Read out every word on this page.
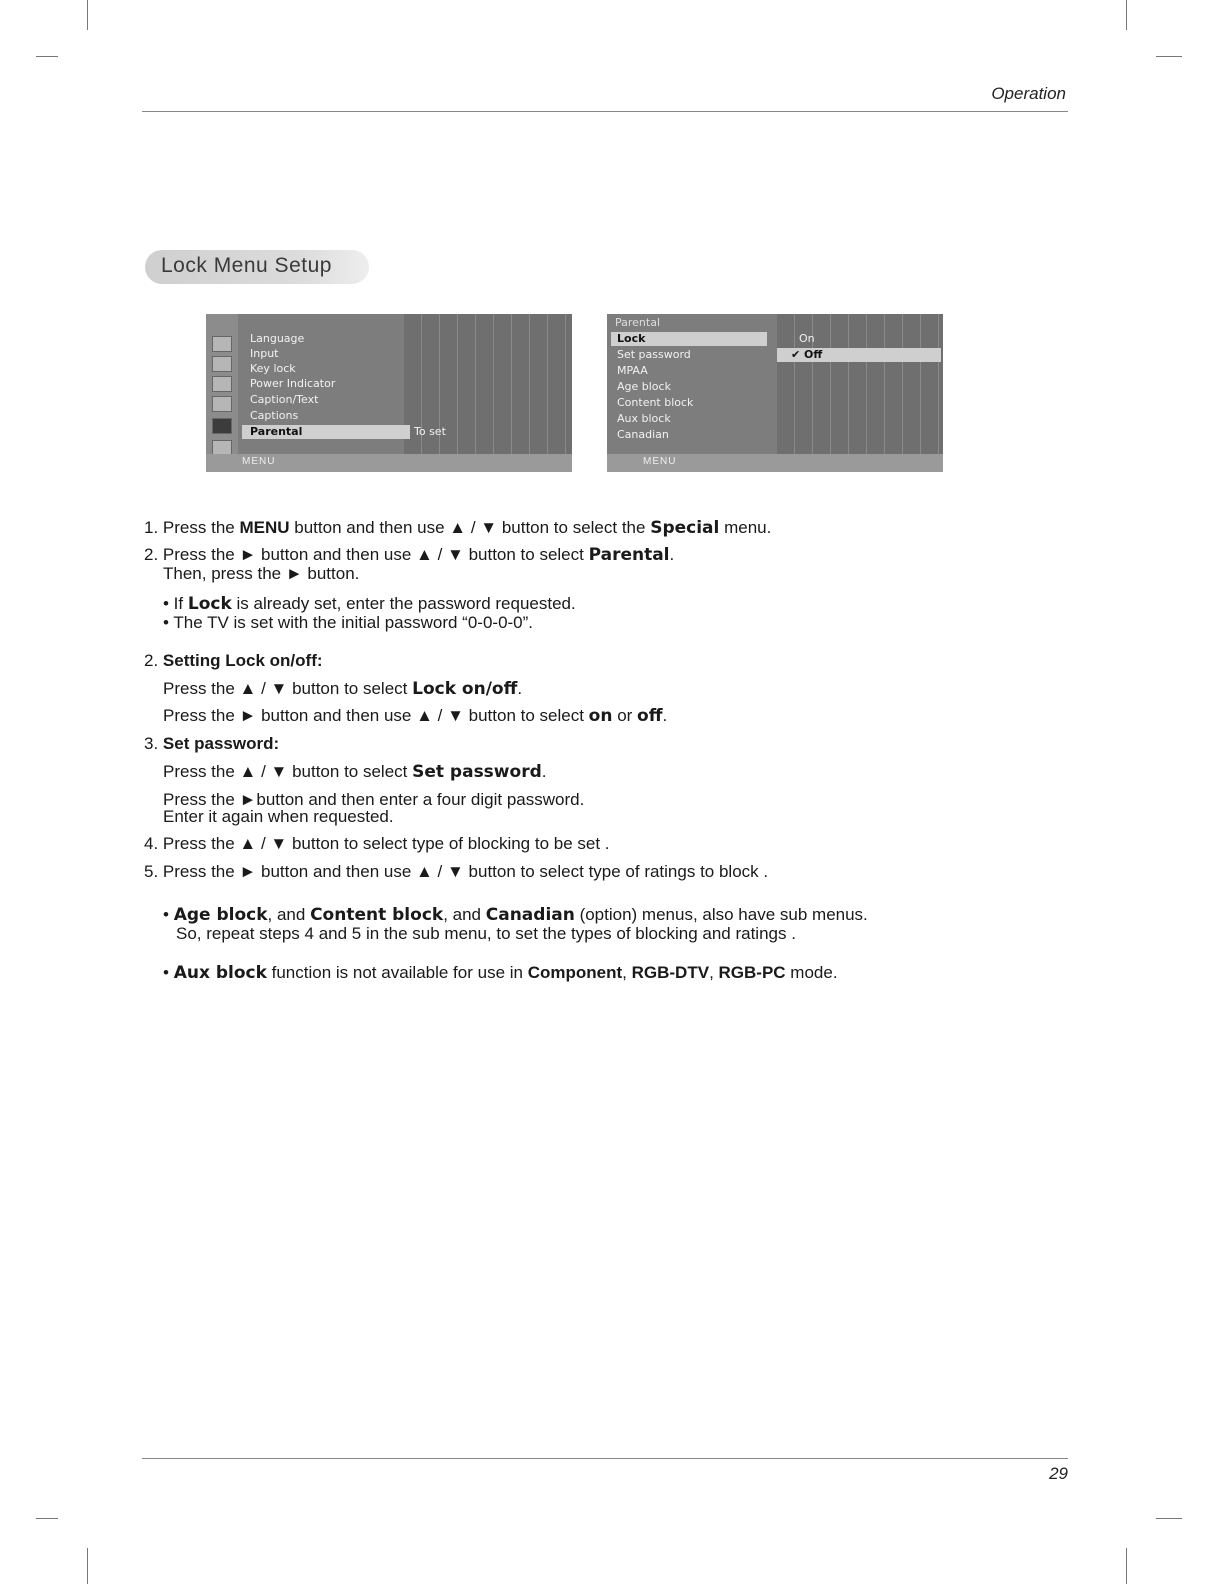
Operation
Lock Menu Setup
Language
Input
Key lock
Power Indicator
Caption/Text
Captions
Parental	To set
MENU
Parental
Lock
Set password
MPAA
Age block
Content block
Aux block
Canadian
On
✔ Off
MENU
1. Press the MENU button and then use ▲ / ▼ button to select the Special menu.
2. Press the ► button and then use ▲ / ▼ button to select Parental.
Then, press the ► button.
• If Lock is already set, enter the password requested.
• The TV is set with the initial password “0-0-0-0”.
2. Setting Lock on/off:
Press the ▲ / ▼ button to select Lock on/off.
Press the ► button and then use ▲ / ▼ button to select on or off.
3. Set password:
Press the ▲ / ▼ button to select Set password.
Press the ►button and then enter a four digit password.
Enter it again when requested.
4. Press the ▲ / ▼ button to select type of blocking to be set .
5. Press the ► button and then use ▲ / ▼ button to select type of ratings to block .
• Age block, and Content block, and Canadian (option) menus, also have sub menus.
So, repeat steps 4 and 5 in the sub menu, to set the types of blocking and ratings .
• Aux block function is not available for use in Component, RGB-DTV, RGB-PC mode.
29
